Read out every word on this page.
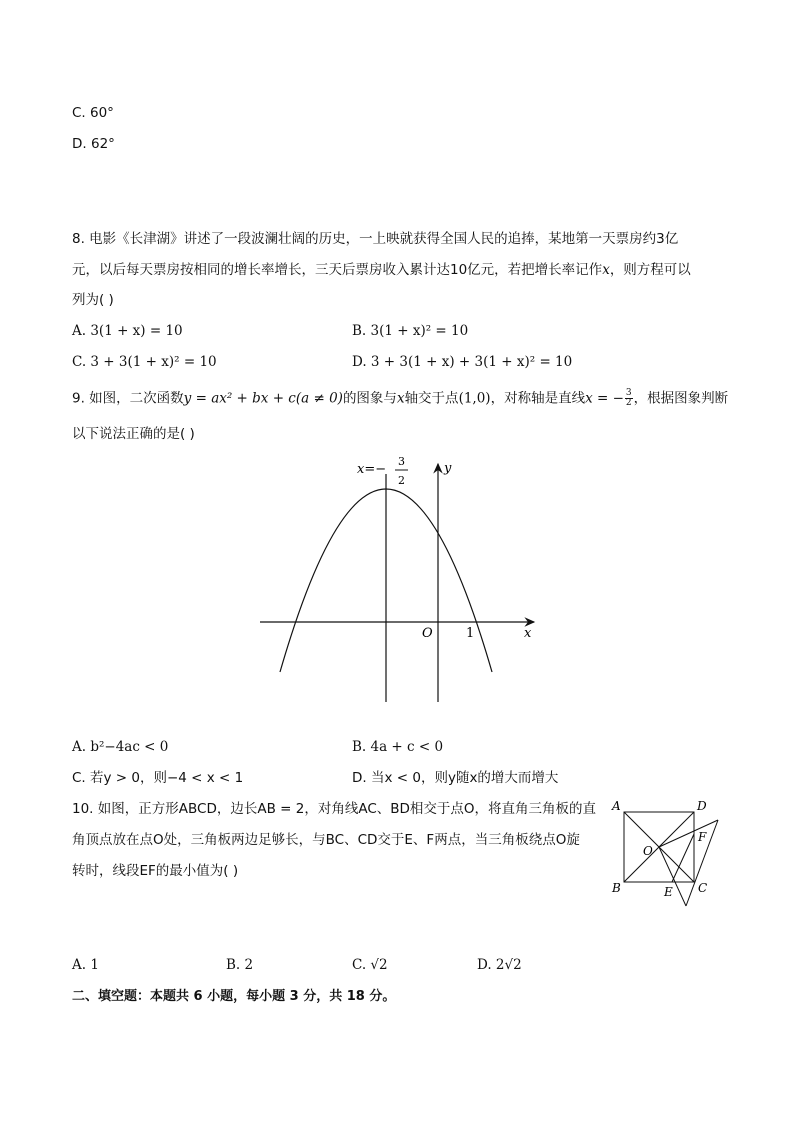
C. 60°
D. 62°
8. 电影《长津湖》讲述了一段波澜壮阔的历史，一上映就获得全国人民的追捧，某地第一天票房约3亿
元，以后每天票房按相同的增长率增长，三天后票房收入累计达10亿元，若把增长率记作x，则方程可以
列为( )
A. 3(1 + x) = 10	B. 3(1 + x)² = 10
C. 3 + 3(1 + x)² = 10	D. 3 + 3(1 + x) + 3(1 + x)² = 10
9. 如图，二次函数y = ax² + bx + c(a ≠ 0)的图象与x轴交于点(1,0)，对称轴是直线x = − $\frac{3}{2}$ ，根据图象判断
以下说法正确的是( )
x=−
3
2
y
x
O	1
A. b²−4ac < 0	B. 4a + c < 0
C. 若y > 0，则−4 < x < 1	D. 当x < 0，则y随x的增大而增大
10. 如图，正方形ABCD，边长AB = 2，对角线AC、BD相交于点O，将直角三角板的直
角顶点放在点O处，三角板两边足够长，与BC、CD交于E、F两点，当三角板绕点O旋
转时，线段EF的最小值为( )
A	D
B	C
O
E
F
A. 1	B. 2	C. √2	D. 2√2
二、填空题：本题共 6 小题，每小题 3 分，共 18 分。
